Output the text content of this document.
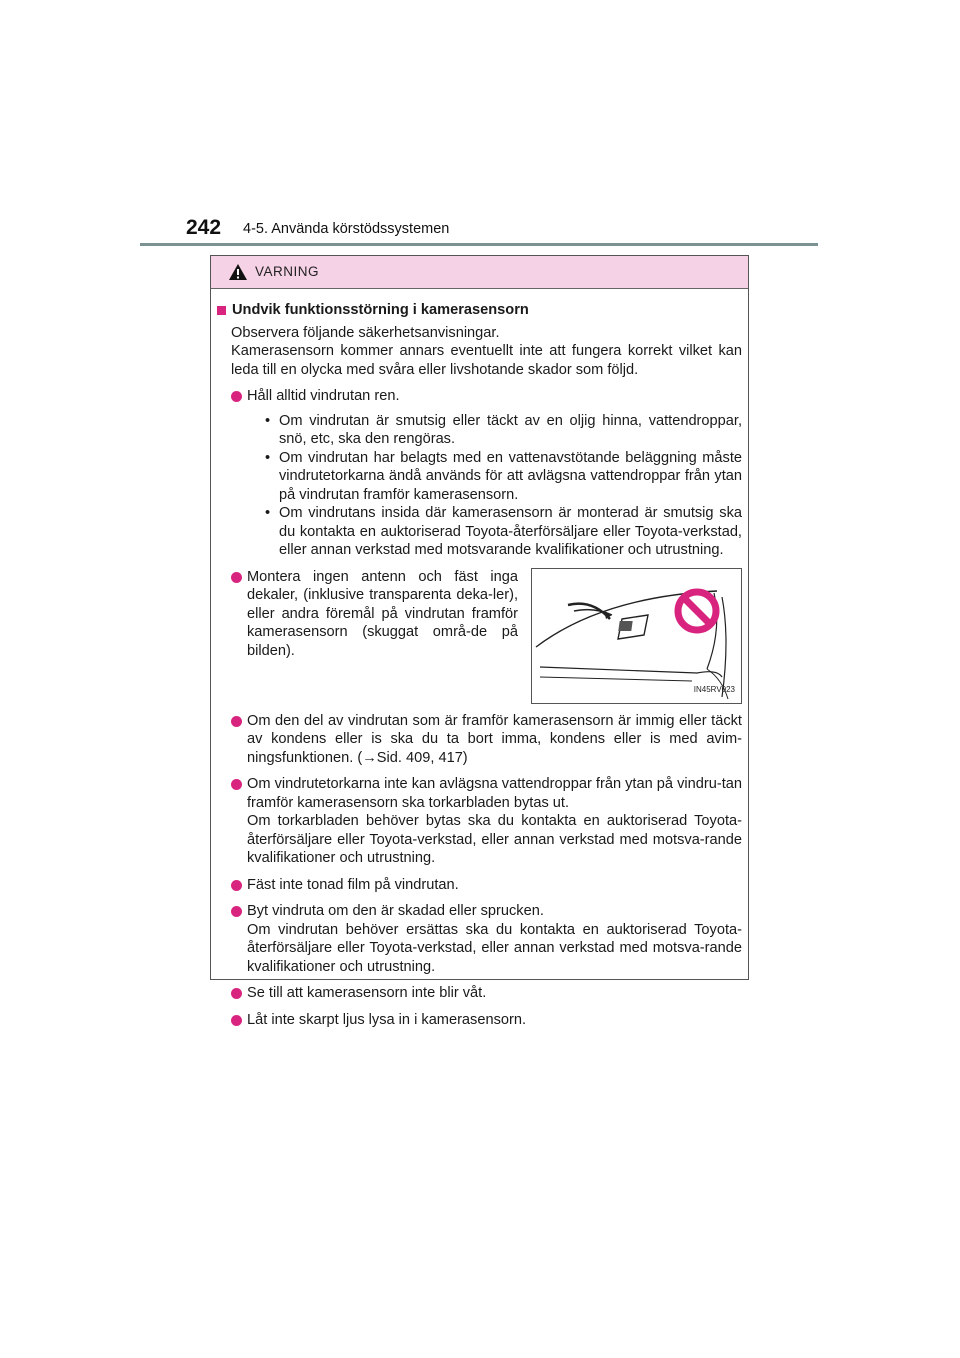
242 4-5. Använda körstödssystemen
VARNING
Undvik funktionsstörning i kamerasensorn

Observera följande säkerhetsanvisningar.

Kamerasensorn kommer annars eventuellt inte att fungera korrekt vilket kan leda till en olycka med svåra eller livshotande skador som följd.

Håll alltid vindrutan ren.
• Om vindrutan är smutsig eller täckt av en oljig hinna, vattendroppar, snö, etc, ska den rengöras.
• Om vindrutan har belagts med en vattenavstötande beläggning måste vindrutetorkarna ändå används för att avlägsna vattendroppar från ytan på vindrutan framför kamerasensorn.
• Om vindrutans insida där kamerasensorn är monterad är smutsig ska du kontakta en auktoriserad Toyota-återförsäljare eller Toyota-verkstad, eller annan verkstad med motsvarande kvalifikationer och utrustning.
Montera ingen antenn och fäst inga dekaler, (inklusive transparenta deka-ler), eller andra föremål på vindrutan framför kamerasensorn (skuggat områ-de på bilden).
IN45RV023
Om den del av vindrutan som är framför kamerasensorn är immig eller täckt av kondens eller is ska du ta bort imma, kondens eller is med avim-ningsfunktionen. (→Sid. 409, 417)
Om vindrutetorkarna inte kan avlägsna vattendroppar från ytan på vindru-tan framför kamerasensorn ska torkarbladen bytas ut.
Om torkarbladen behöver bytas ska du kontakta en auktoriserad Toyota-återförsäljare eller Toyota-verkstad, eller annan verkstad med motsva-rande kvalifikationer och utrustning.
Fäst inte tonad film på vindrutan.
Byt vindruta om den är skadad eller sprucken.
Om vindrutan behöver ersättas ska du kontakta en auktoriserad Toyota-återförsäljare eller Toyota-verkstad, eller annan verkstad med motsva-rande kvalifikationer och utrustning.
Se till att kamerasensorn inte blir våt.
Låt inte skarpt ljus lysa in i kamerasensorn.
